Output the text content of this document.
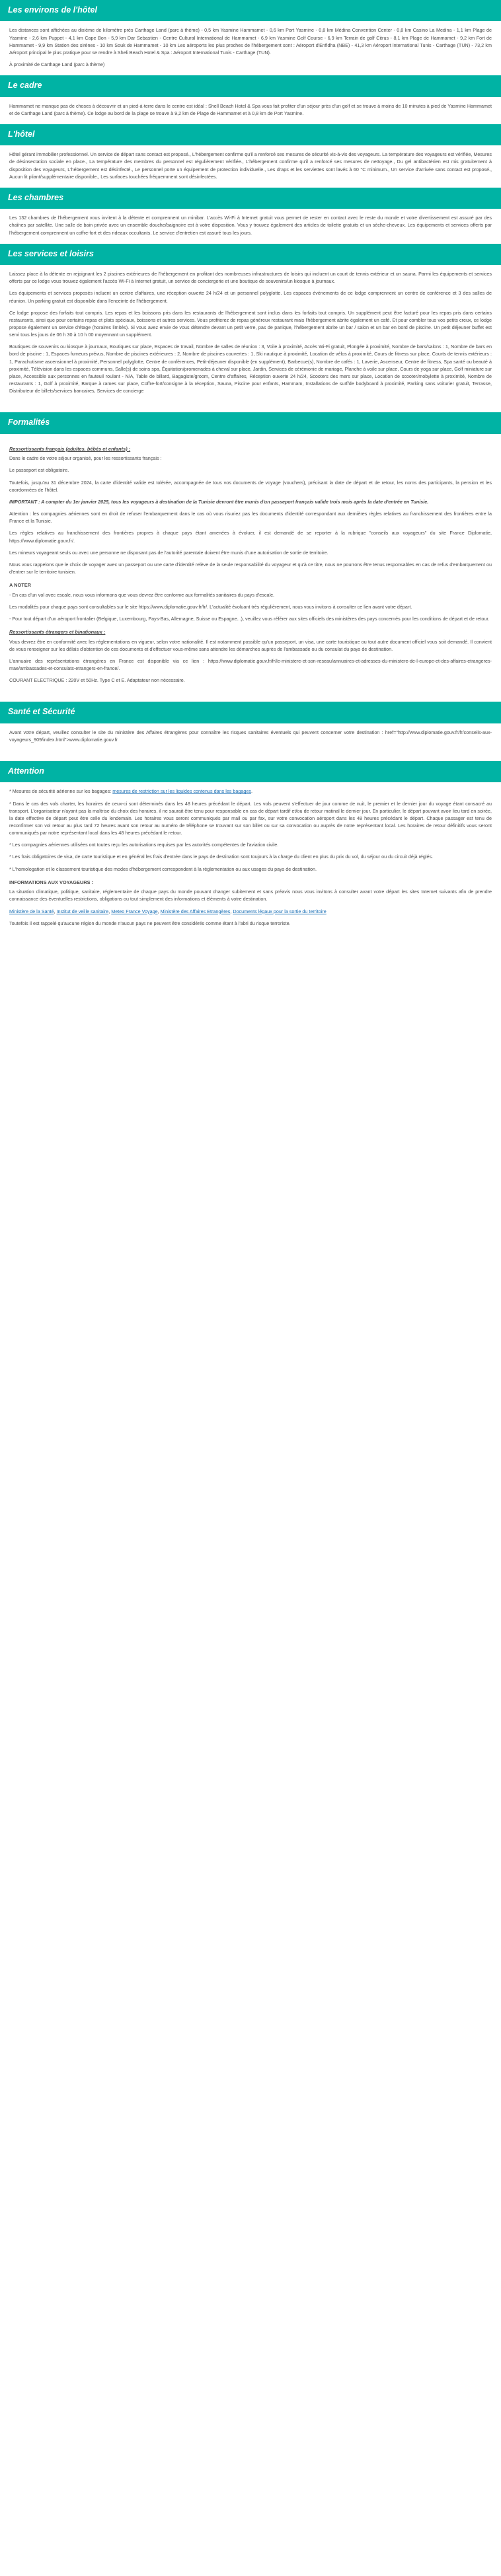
Les environs de l'hôtel

Les distances sont affichées au dixième de kilomètre près Carthage Land (parc à thème) - 0,5 km Yasmine Hammamet - 0,6 km Port Yasmine - 0,8 km Médina Convention Center - 0,8 km Casino La Medina - 1,1 km Plage de Yasmine - 2,6 km Puppet - 4,1 km Cape Bon - 5,9 km Dar Sebastien - Centre Cultural International de Hammamet - 6,9 km Yasmine Golf Course - 6,9 km Terrain de golf Citrus - 8,1 km Plage de Hammamet - 9,2 km Fort de Hammamet - 9,9 km Station des sirènes - 10 km Souk de Hammamet - 10 km Les aéroports les plus proches de l'hébergement sont : Aéroport d'Enfidha (NBE) - 41,3 km Aéroport international Tunis - Carthage (TUN) - 73,2 km Aéroport principal le plus pratique pour se rendre à Sheli Beach Hotel & Spa : Aéroport International Tunis - Carthage (TUN).

À proximité de Carthage Land (parc à thème)

Le cadre

Hammamet ne manque pas de choses à découvrir et un pied-à-terre dans le centre est idéal : Shell Beach Hotel & Spa vous fait profiter d'un séjour près d'un golf et se trouve à moins de 10 minutes à pied de Yasmine Hammamet et de Carthage Land (parc à thème). Ce lodge au bord de la plage se trouve à 9,2 km de Plage de Hammamet et à 0,8 km de Port Yasmine.

L'hôtel

Hôtel gérant immobilier professionnel. Un service de départ sans contact est proposé., L'hébergement confirme qu'il a renforcé ses mesures de sécurité vis-à-vis des voyageurs. La température des voyageurs est vérifiée, Mesures de désinsectation sociale en place., La température des membres du personnel est régulièrement vérifiée., L'hébergement confirme qu'il a renforcé ses mesures de nettoyage., Du gel antibactérien est mis gratuitement à disposition des voyageurs, L'hébergement est désinfecté., Le personnel porte un équipement de protection individuelle., Les draps et les serviettes sont lavés à 60 °C minimum., Un service d'arrivée sans contact est proposé., Aucun lit pliant/supplémentaire disponible., Les surfaces touchées fréquemment sont désinfectées.

Les chambres

Les 132 chambres de l'hébergement vous invitent à la détente et comprennent un minibar. L'accès Wi-Fi à Internet gratuit vous permet de rester en contact avec le reste du monde et votre divertissement est assuré par des chaînes par satellite. Une salle de bain privée avec un ensemble douche/baignoire est à votre disposition. Vous y trouvez également des articles de toilette gratuits et un sèche-cheveux. Les équipements et services offerts par l'hébergement comprennent un coffre-fort et des rideaux occultants. Le service d'entretien est assuré tous les jours.

Les services et loisirs

Laissez place à la détente en rejoignant les 2 piscines extérieures de l'hébergement en profitant des nombreuses infrastructures de loisirs qui incluent un court de tennis extérieur et un sauna. Parmi les équipements et services offerts par ce lodge vous trouvez également l'accès Wi-Fi à Internet gratuit, un service de conciergerie et une boutique de souvenirs/un kiosque à journaux.

Les équipements et services proposés incluent un centre d'affaires, une réception ouverte 24 h/24 et un personnel polyglotte. Les espaces événements de ce lodge comprennent un centre de conférence et 3 des salles de réunion. Un parking gratuit est disponible dans l'enceinte de l'hébergement.

Ce lodge propose des forfaits tout compris. Les repas et les boissons pris dans les restaurants de l'hébergement sont inclus dans les forfaits tout compris. Un supplément peut être facturé pour les repas pris dans certains restaurants, ainsi que pour certains repas et plats spéciaux, boissons et autres services. Vous profiterez de repas généreux restaurant mais l'hébergement abrite également un café. Et pour combler tous vos petits creux, ce lodge propose également un service d'étage (horaires limités). Si vous avez envie de vous détendre devant un petit verre, pas de panique, l'hébergement abrite un bar / salon et un bar en bord de piscine. Un petit déjeuner buffet est servi tous les jours de 06 h 30 à 10 h 00 moyennant un supplément.

Boutiques de souvenirs ou kiosque à journaux, Boutiques sur place, Espaces de travail, Nombre de salles de réunion : 3, Voile à proximité, Accès Wi-Fi gratuit, Plongée à proximité, Nombre de bars/salons : 1, Nombre de bars en bord de piscine : 1, Espaces fumeurs prévus, Nombre de piscines extérieures : 2, Nombre de piscines couvertes : 1, Ski nautique à proximité, Location de vélos à proximité, Cours de fitness sur place, Courts de tennis extérieurs : 1, Parachutisme ascensionnel à proximité, Personnel polyglotte, Centre de conférences, Petit-déjeuner disponible (en supplément), Barbecue(s), Nombre de cafés : 1, Laverie, Ascenseur, Centre de fitness, Spa santé ou beauté à proximité, Télévision dans les espaces communs, Salle(s) de soins spa, Équitation/promenades à cheval sur place, Jardin, Services de cérémonie de mariage, Planche à voile sur place, Cours de yoga sur place, Golf miniature sur place, Accessible aux personnes en fauteuil roulant - N/A, Table de billard, Bagagiste/groom, Centre d'affaires, Réception ouverte 24 h/24, Scooters des mers sur place, Location de scooter/mobylette à proximité, Nombre de restaurants : 1, Golf à proximité, Barque à rames sur place, Coffre-fort/consigne à la réception, Sauna, Piscine pour enfants, Hammam, Installations de surf/de bodyboard à proximité, Parking sans voiturier gratuit, Terrasse, Distributeur de billets/services bancaires, Services de concierge

Formalités
Ressortissants français (adultes, bébés et enfants) :

Dans le cadre de votre séjour organisé, pour les ressortissants français :

Le passeport est obligatoire.

Toutefois, jusqu'au 31 décembre 2024, la carte d'identité valide est tolérée, accompagnée de tous vos documents de voyage (vouchers), précisant la date de départ et de retour, les noms des participants, la pension et les coordonnées de l'hôtel.

IMPORTANT : A compter du 1er janvier 2025, tous les voyageurs à destination de la Tunisie devront être munis d'un passeport français valide trois mois après la date d'entrée en Tunisie.

Attention : les compagnies aériennes sont en droit de refuser l'embarquement dans le cas où vous risuriez pas les documents d'identité correspondant aux dernières règles relatives au franchissement des frontières entre la France et la Tunisie.

Les règles relatives au franchissement des frontières propres à chaque pays étant amenées à évoluer, il est demandé de se reporter à la rubrique "conseils aux voyageurs" du site France Diplomatie, https://www.diplomatie.gouv.fr/.

Les mineurs voyageant seuls ou avec une personne ne disposant pas de l'autorité parentale doivent être munis d'une autorisation de sortie de territoire.

Nous vous rappelons que le choix de voyager avec un passeport ou une carte d'identité relève de la seule responsabilité du voyageur et qu'à ce titre, nous ne pourrons être tenus responsables en cas de refus d'embarquement ou d'entrer sur le territoire tunisien.

A NOTER

- En cas d'un vol avec escale, nous vous informons que vous devrez être conforme aux formalités sanitaires du pays d'escale.

Les modalités pour chaque pays sont consultables sur le site https://www.diplomatie.gouv.fr/fr/. L'actualité évoluant très régulièrement, nous vous invitons à consulter ce lien avant votre départ.

- Pour tout départ d'un aéroport frontalier (Belgique, Luxembourg, Pays-Bas, Allemagne, Suisse ou Espagne...), veuillez vous référer aux sites officiels des ministères des pays concernés pour les conditions de départ et de retour.

Ressortissants étrangers et binationaux :

Vous devrez être en conformité avec les réglementations en vigueur, selon votre nationalité. Il est notamment possible qu'un passeport, un visa, une carte touristique ou tout autre document officiel vous soit demandé. Il convient de vous renseigner sur les délais d'obtention de ces documents et d'effectuer vous-même sans attendre les démarches auprès de l'ambassade ou du consulat du pays de destination.

L'annuaire des représentations étrangères en France est disponible via ce lien : https://www.diplomatie.gouv.fr/fr/le-ministere-et-son-reseau/annuaires-et-adresses-du-ministere-de-l-europe-et-des-affaires-etrangeres-mae/ambassades-et-consulats-etrangers-en-france/.

COURANT ELECTRIQUE : 220V et 50Hz. Type C et E. Adaptateur non nécessaire.

Santé et Sécurité

Avant votre départ, veuillez consulter le site du ministère des Affaires étrangères pour connaître les risques sanitaires éventuels qui peuvent concerner votre destination : href="http://www.diplomatie.gouv.fr/fr/conseils-aux-voyageurs_909/index.html">www.diplomatie.gouv.fr

Attention

* Mesures de sécurité aérienne sur les bagages: mesures de restriction sur les liquides contenus dans les bagages.

* Dans le cas des vols charter, les horaires de ceux-ci sont déterminés dans les 48 heures précédant le départ. Les vols peuvent s'effectuer de jour comme de nuit, le premier et le dernier jour du voyage étant consacré au transport. L'organisateur n'ayant pas la maîtrise du choix des horaires, il ne saurait être tenu pour responsable en cas de départ tardif et/ou de retour matinal le dernier jour. En particulier, le départ pouvant avoir lieu tard en soirée, la date effective de départ peut être celle du lendemain. Les horaires vous seront communiqués par mail ou par fax, sur votre convocation aéroport dans les 48 heures précédant le départ. Chaque passager est tenu de reconfirmer son vol retour au plus tard 72 heures avant son retour au numéro de téléphone se trouvant sur son billet ou sur sa convocation ou auprès de notre représentant local. Les horaires de retour définitifs vous seront communiqués par notre représentant local dans les 48 heures précédant le retour.

* Les compagnies aériennes utilisées ont toutes reçu les autorisations requises par les autorités compétentes de l'aviation civile.

* Les frais obligatoires de visa, de carte touristique et en général les frais d'entrée dans le pays de destination sont toujours à la charge du client en plus du prix du vol, du séjour ou du circuit déjà réglés.

* L'homologation et le classement touristique des modes d'hébergement correspondent à la réglementation ou aux usages du pays de destination.

INFORMATIONS AUX VOYAGEURS :

La situation climatique, politique, sanitaire, réglementaire de chaque pays du monde pouvant changer subitement et sans préavis nous vous invitons à consulter avant votre départ les sites Internet suivants afin de prendre connaissance des éventuelles restrictions, obligations ou tout simplement des informations et éléments à votre destination.

Ministère de la Santé, Institut de veille sanitaire, Meteo France Voyage, Ministère des Affaires Etrangères, Documents légaux pour la sortie du territoire

Toutefois il est rappelé qu'aucune région du monde n'aucun pays ne peuvent être considérés comme étant à l'abri du risque terroriste.
